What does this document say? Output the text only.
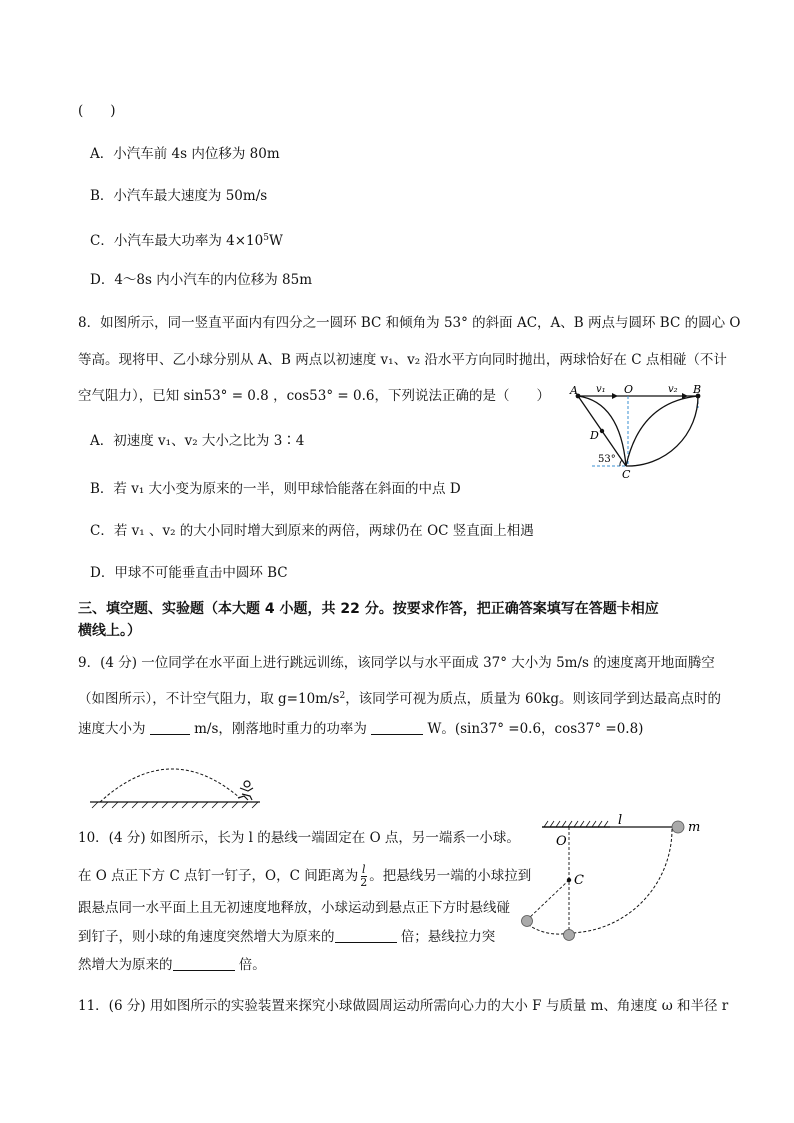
(　　)
A．小汽车前 4s 内位移为 80m
B．小汽车最大速度为 50m/s
C．小汽车最大功率为 $4\times 10^5W$
D．4～8s 内小汽车的内位移为 85m
8．如图所示，同一竖直平面内有四分之一圆环 BC 和倾角为 53° 的斜面 AC，A、B 两点与圆环 BC 的圆心 O
等高。现将甲、乙小球分别从 A、B 两点以初速度 v₁、v₂ 沿水平方向同时抛出，两球恰好在 C 点相碰（不计
空气阻力），已知 sin53° = 0.8 ，cos53° = 0.6，下列说法正确的是（　　）
A．初速度 v₁、v₂ 大小之比为 3∶4
B．若 v₁ 大小变为原来的一半，则甲球恰能落在斜面的中点 D
C．若 v₁ 、v₂ 的大小同时增大到原来的两倍，两球仍在 OC 竖直面上相遇
D．甲球不可能垂直击中圆环 BC
A v₁ O	v₂ B
D
53°
C
三、填空题、实验题（本大题 4 小题，共 22 分。按要求作答，把正确答案填写在答题卡相应
横线上。）
9．(4 分) 一位同学在水平面上进行跳远训练，该同学以与水平面成 37° 大小为 5m/s 的速度离开地面腾空
（如图所示），不计空气阻力，取 $g=10m/s^2$，该同学可视为质点，质量为 60kg。则该同学到达最高点时的
速度大小为	m/s，刚落地时重力的功率为	W。(sin37° =0.6，cos37° =0.8)
10．(4 分) 如图所示，长为 l 的悬线一端固定在 O 点，另一端系一小球。
在 O 点正下方 C 点钉一钉子，O，C 间距离为 $\frac{l}{2}$ 。把悬线另一端的小球拉到
跟悬点同一水平面上且无初速度地释放，小球运动到悬点正下方时悬线碰
到钉子，则小球的角速度突然增大为原来的	倍；悬线拉力突
然增大为原来的	倍。
O
C
l	m
11．(6 分) 用如图所示的实验装置来探究小球做圆周运动所需向心力的大小 F 与质量 m、角速度 ω 和半径 r
